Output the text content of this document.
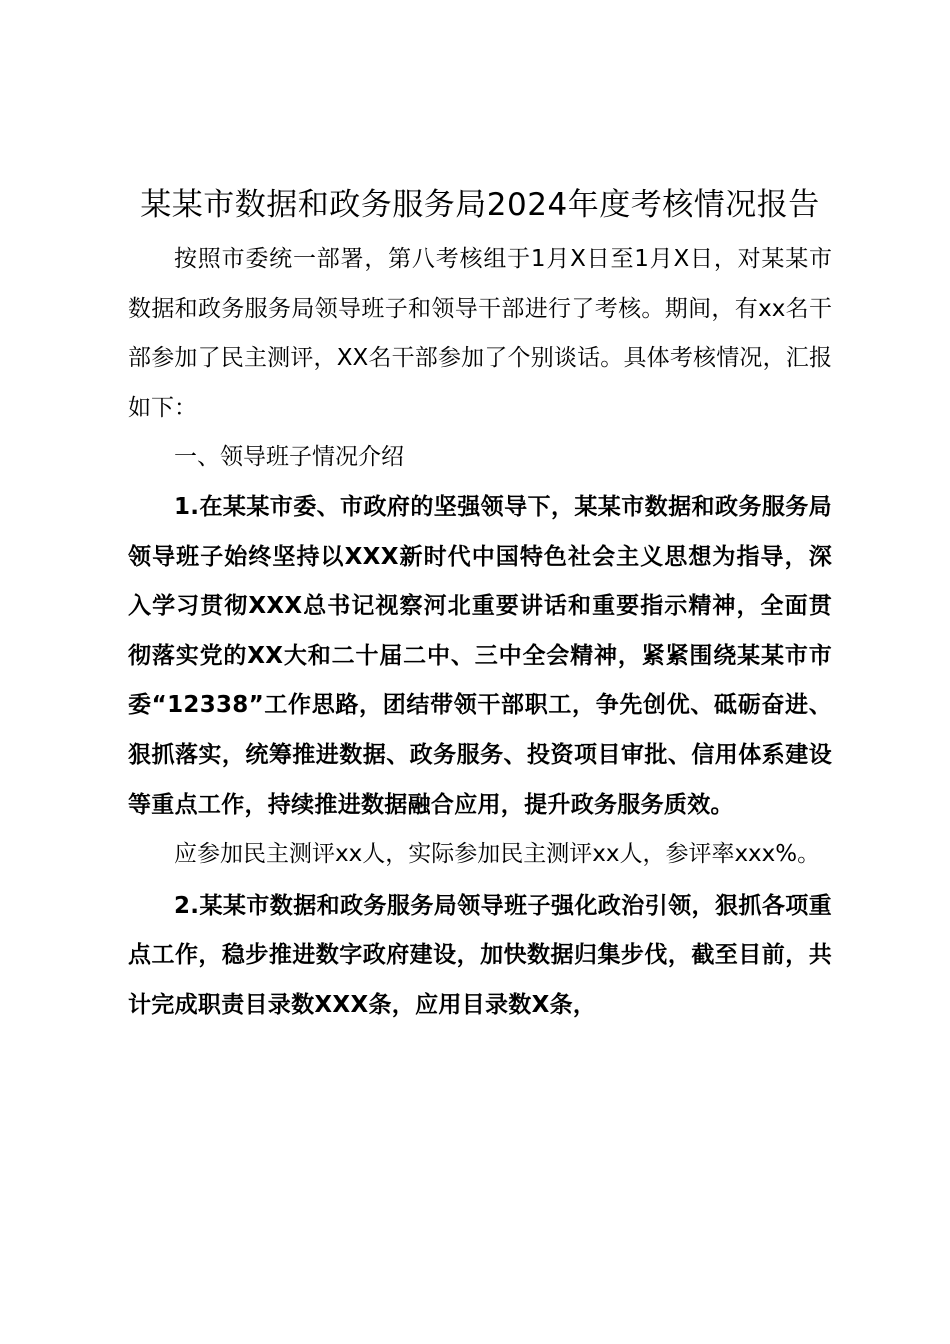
某某市数据和政务服务局2024年度考核情况报告

按照市委统一部署，第八考核组于1月X日至1月X日，对某某市数据和政务服务局领导班子和领导干部进行了考核。期间，有xx名干部参加了民主测评，XX名干部参加了个别谈话。具体考核情况，汇报如下：

一、领导班子情况介绍

1.在某某市委、市政府的坚强领导下，某某市数据和政务服务局领导班子始终坚持以XXX新时代中国特色社会主义思想为指导，深入学习贯彻XXX总书记视察河北重要讲话和重要指示精神，全面贯彻落实党的XX大和二十届二中、三中全会精神，紧紧围绕某某市市委“12338”工作思路，团结带领干部职工，争先创优、砥砺奋进、狠抓落实，统筹推进数据、政务服务、投资项目审批、信用体系建设等重点工作，持续推进数据融合应用，提升政务服务质效。

应参加民主测评xx人，实际参加民主测评xx人，参评率xxx%。

2.某某市数据和政务服务局领导班子强化政治引领，狠抓各项重点工作，稳步推进数字政府建设，加快数据归集步伐，截至目前，共计完成职责目录数XXX条，应用目录数X条，
